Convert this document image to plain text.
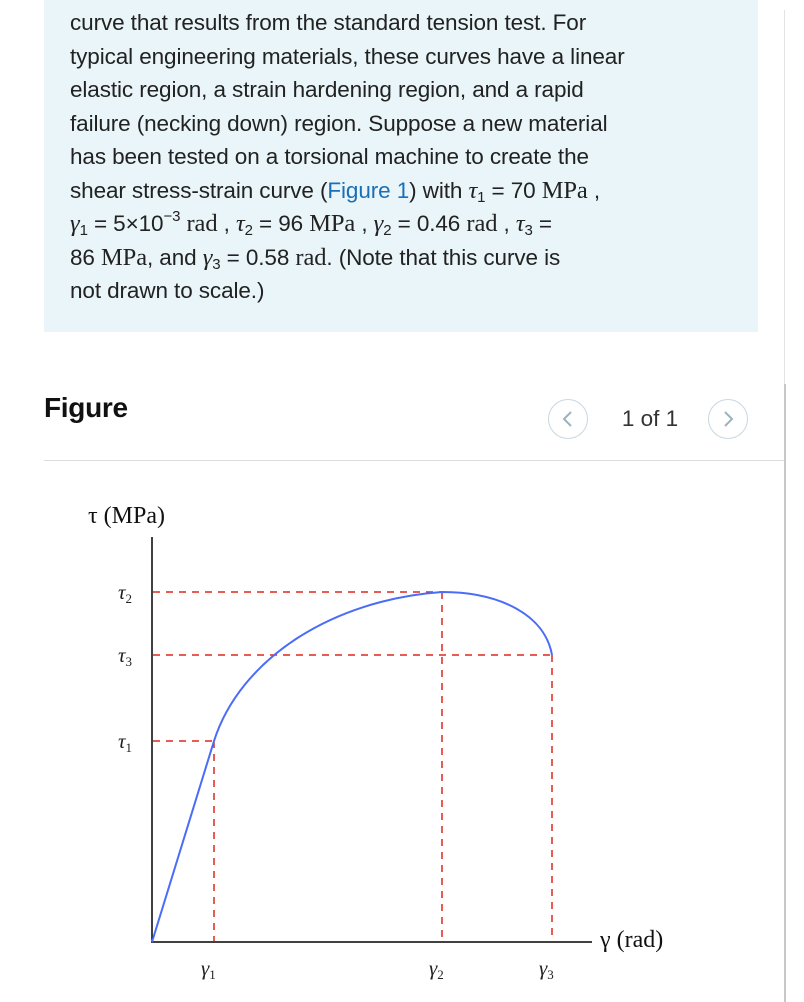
curve that results from the standard tension test. For
typical engineering materials, these curves have a linear
elastic region, a strain hardening region, and a rapid
failure (necking down) region. Suppose a new material
has been tested on a torsional machine to create the
shear stress-strain curve (Figure 1) with $\tau_1 = 70$ MPa ,
$\gamma_1 = 5\times 10^{-3}$ rad , $\tau_2 = 96$ MPa , $\gamma_2 = 0.46$ rad , $\tau_3$ =
86 MPa, and $\gamma_3 = 0.58$ rad. (Note that this curve is
not drawn to scale.)
Figure	1 of 1
τ (MPa)
γ (rad)
$\tau_2$
$\tau_3$
$\tau_1$
$\gamma_1$	$\gamma_2$	$\gamma_3$
